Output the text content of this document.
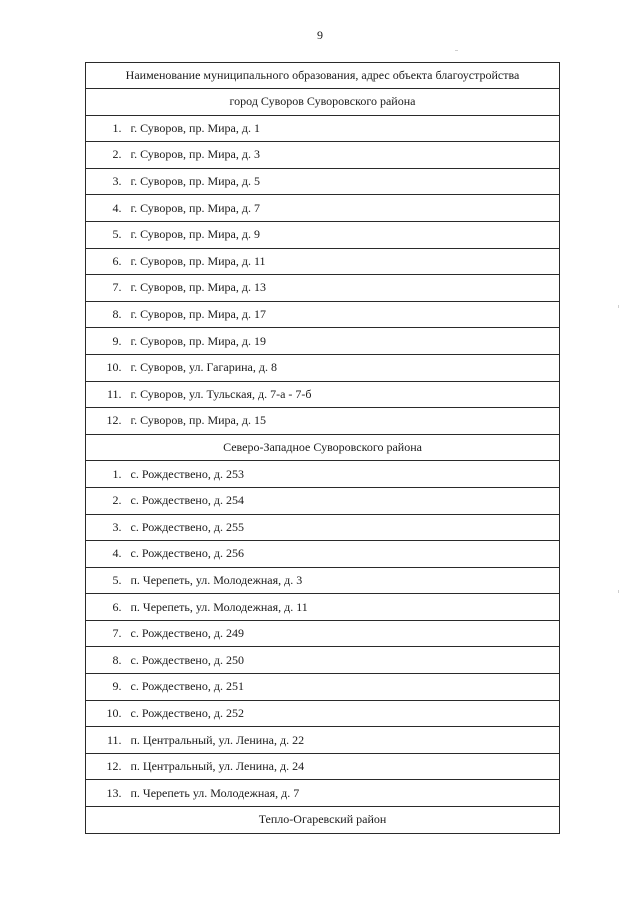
9
Наименование муниципального образования, адрес объекта благоустройства	
город Суворов Суворовского района	
1.	г. Суворов, пр. Мира, д. 1
2.	г. Суворов, пр. Мира, д. 3
3.	г. Суворов, пр. Мира, д. 5
4.	г. Суворов, пр. Мира, д. 7
5.	г. Суворов, пр. Мира, д. 9
6.	г. Суворов, пр. Мира, д. 11
7.	г. Суворов, пр. Мира, д. 13
8.	г. Суворов, пр. Мира, д. 17
9.	г. Суворов, пр. Мира, д. 19
10.	г. Суворов, ул. Гагарина, д. 8
11.	г. Суворов, ул. Тульская, д. 7-а - 7-б
12.	г. Суворов, пр. Мира, д. 15
Северо-Западное Суворовского района	
1.	с. Рождествено, д. 253
2.	с. Рождествено, д. 254
3.	с. Рождествено, д. 255
4.	с. Рождествено, д. 256
5.	п. Черепеть, ул. Молодежная, д. 3
6.	п. Черепеть, ул. Молодежная, д. 11
7.	с. Рождествено, д. 249
8.	с. Рождествено, д. 250
9.	с. Рождествено, д. 251
10.	с. Рождествено, д. 252
11.	п. Центральный, ул. Ленина, д. 22
12.	п. Центральный, ул. Ленина, д. 24
13.	п. Черепеть ул. Молодежная, д. 7
Тепло-Огаревский район	
